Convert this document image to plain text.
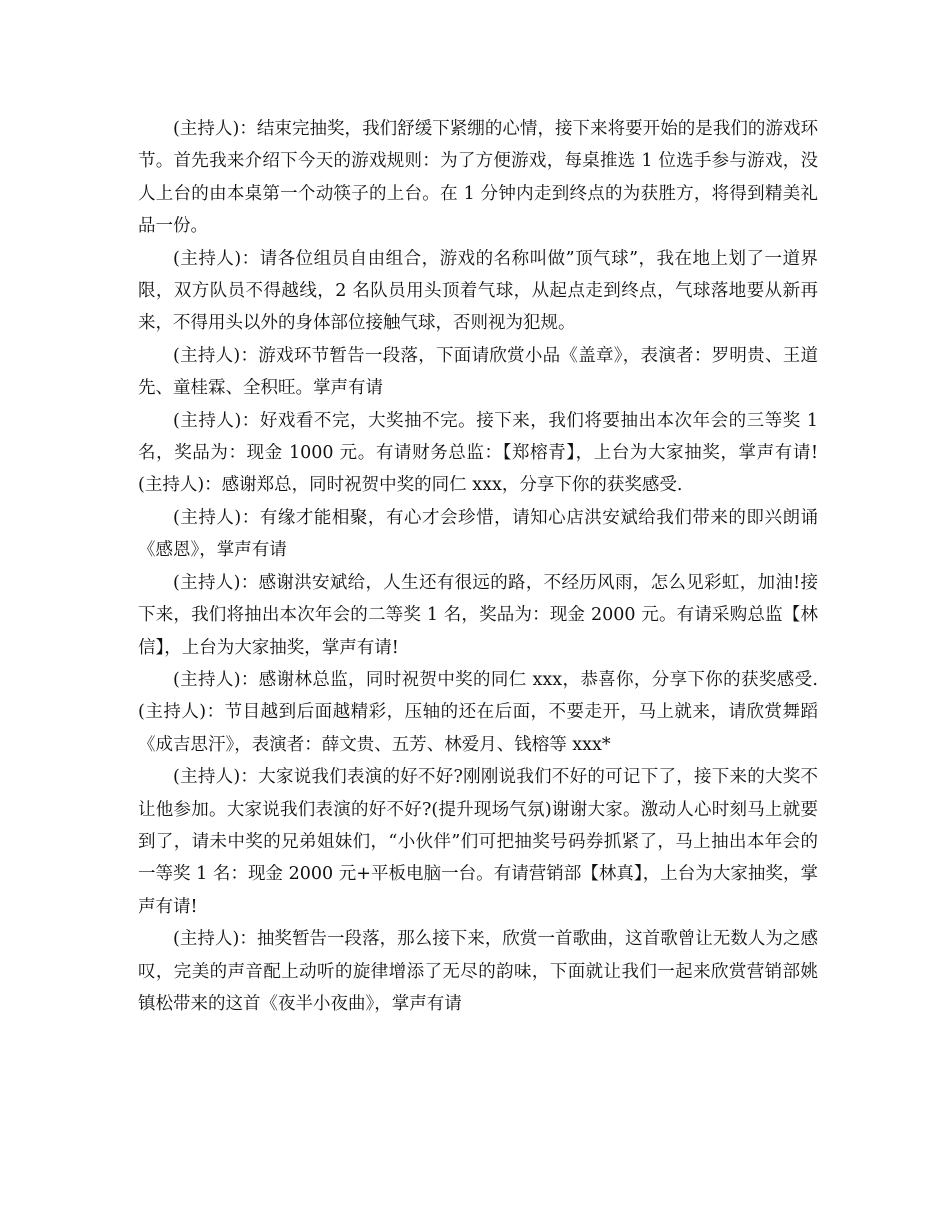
(主持人)：结束完抽奖，我们舒缓下紧绷的心情，接下来将要开始的是我们的游戏环节。首先我来介绍下今天的游戏规则：为了方便游戏，每桌推选 1 位选手参与游戏，没人上台的由本桌第一个动筷子的上台。在 1 分钟内走到终点的为获胜方，将得到精美礼品一份。

(主持人)：请各位组员自由组合，游戏的名称叫做”顶气球”，我在地上划了一道界限，双方队员不得越线，2 名队员用头顶着气球，从起点走到终点，气球落地要从新再来，不得用头以外的身体部位接触气球，否则视为犯规。

(主持人)：游戏环节暂告一段落，下面请欣赏小品《盖章》，表演者：罗明贵、王道先、童桂霖、全积旺。掌声有请

(主持人)：好戏看不完，大奖抽不完。接下来，我们将要抽出本次年会的三等奖 1 名，奖品为：现金 1000 元。有请财务总监：【郑榕青】，上台为大家抽奖，掌声有请!(主持人)：感谢郑总，同时祝贺中奖的同仁 xxx，分享下你的获奖感受.

(主持人)：有缘才能相聚，有心才会珍惜，请知心店洪安斌给我们带来的即兴朗诵《感恩》，掌声有请

(主持人)：感谢洪安斌给，人生还有很远的路，不经历风雨，怎么见彩虹，加油!接下来，我们将抽出本次年会的二等奖 1 名，奖品为：现金 2000 元。有请采购总监【林信】，上台为大家抽奖，掌声有请!

(主持人)：感谢林总监，同时祝贺中奖的同仁 xxx，恭喜你，分享下你的获奖感受.(主持人)：节目越到后面越精彩，压轴的还在后面，不要走开，马上就来，请欣赏舞蹈《成吉思汗》，表演者：薛文贵、五芳、林爱月、钱榕等 xxx*

(主持人)：大家说我们表演的好不好?刚刚说我们不好的可记下了，接下来的大奖不让他参加。大家说我们表演的好不好?(提升现场气氛)谢谢大家。激动人心时刻马上就要到了，请未中奖的兄弟姐妹们，“小伙伴”们可把抽奖号码券抓紧了，马上抽出本年会的一等奖 1 名：现金 2000 元+平板电脑一台。有请营销部【林真】，上台为大家抽奖，掌声有请!

(主持人)：抽奖暂告一段落，那么接下来，欣赏一首歌曲，这首歌曾让无数人为之感叹，完美的声音配上动听的旋律增添了无尽的韵味，下面就让我们一起来欣赏营销部姚镇松带来的这首《夜半小夜曲》，掌声有请
